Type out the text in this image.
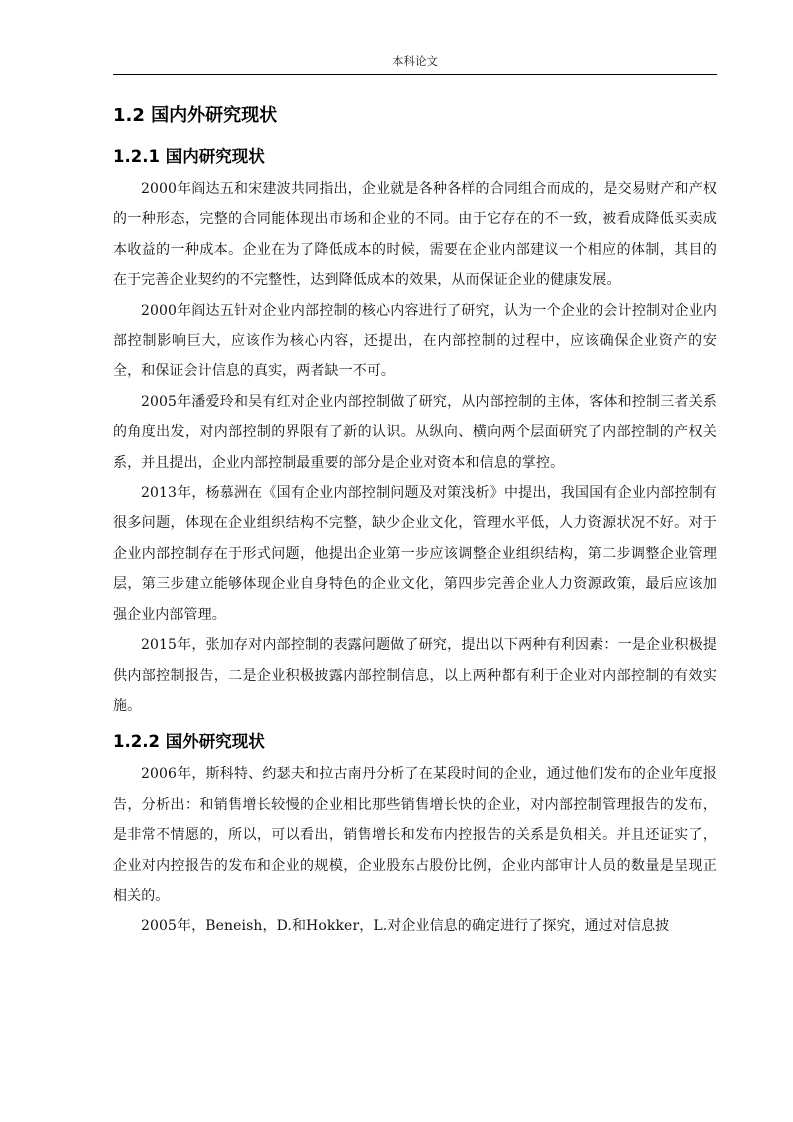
本科论文
1.2 国内外研究现状
1.2.1 国内研究现状

2000年阎达五和宋建波共同指出，企业就是各种各样的合同组合而成的，是交易财产和产权的一种形态，完整的合同能体现出市场和企业的不同。由于它存在的不一致，被看成降低买卖成本收益的一种成本。企业在为了降低成本的时候，需要在企业内部建议一个相应的体制，其目的在于完善企业契约的不完整性，达到降低成本的效果，从而保证企业的健康发展。

2000年阎达五针对企业内部控制的核心内容进行了研究，认为一个企业的会计控制对企业内部控制影响巨大，应该作为核心内容，还提出，在内部控制的过程中，应该确保企业资产的安全，和保证会计信息的真实，两者缺一不可。

2005年潘爱玲和吴有红对企业内部控制做了研究，从内部控制的主体，客体和控制三者关系的角度出发，对内部控制的界限有了新的认识。从纵向、横向两个层面研究了内部控制的产权关系，并且提出，企业内部控制最重要的部分是企业对资本和信息的掌控。

2013年，杨慕洲在《国有企业内部控制问题及对策浅析》中提出，我国国有企业内部控制有很多问题，体现在企业组织结构不完整，缺少企业文化，管理水平低，人力资源状况不好。对于企业内部控制存在于形式问题，他提出企业第一步应该调整企业组织结构，第二步调整企业管理层，第三步建立能够体现企业自身特色的企业文化，第四步完善企业人力资源政策，最后应该加强企业内部管理。

2015年，张加存对内部控制的表露问题做了研究，提出以下两种有利因素：一是企业积极提供内部控制报告，二是企业积极披露内部控制信息，以上两种都有利于企业对内部控制的有效实施。

1.2.2 国外研究现状

2006年，斯科特、约瑟夫和拉古南丹分析了在某段时间的企业，通过他们发布的企业年度报告，分析出：和销售增长较慢的企业相比那些销售增长快的企业，对内部控制管理报告的发布，是非常不情愿的，所以，可以看出，销售增长和发布内控报告的关系是负相关。并且还证实了，企业对内控报告的发布和企业的规模，企业股东占股份比例，企业内部审计人员的数量是呈现正相关的。

2005年，Beneish，D.和Hokker，L.对企业信息的确定进行了探究，通过对信息披
